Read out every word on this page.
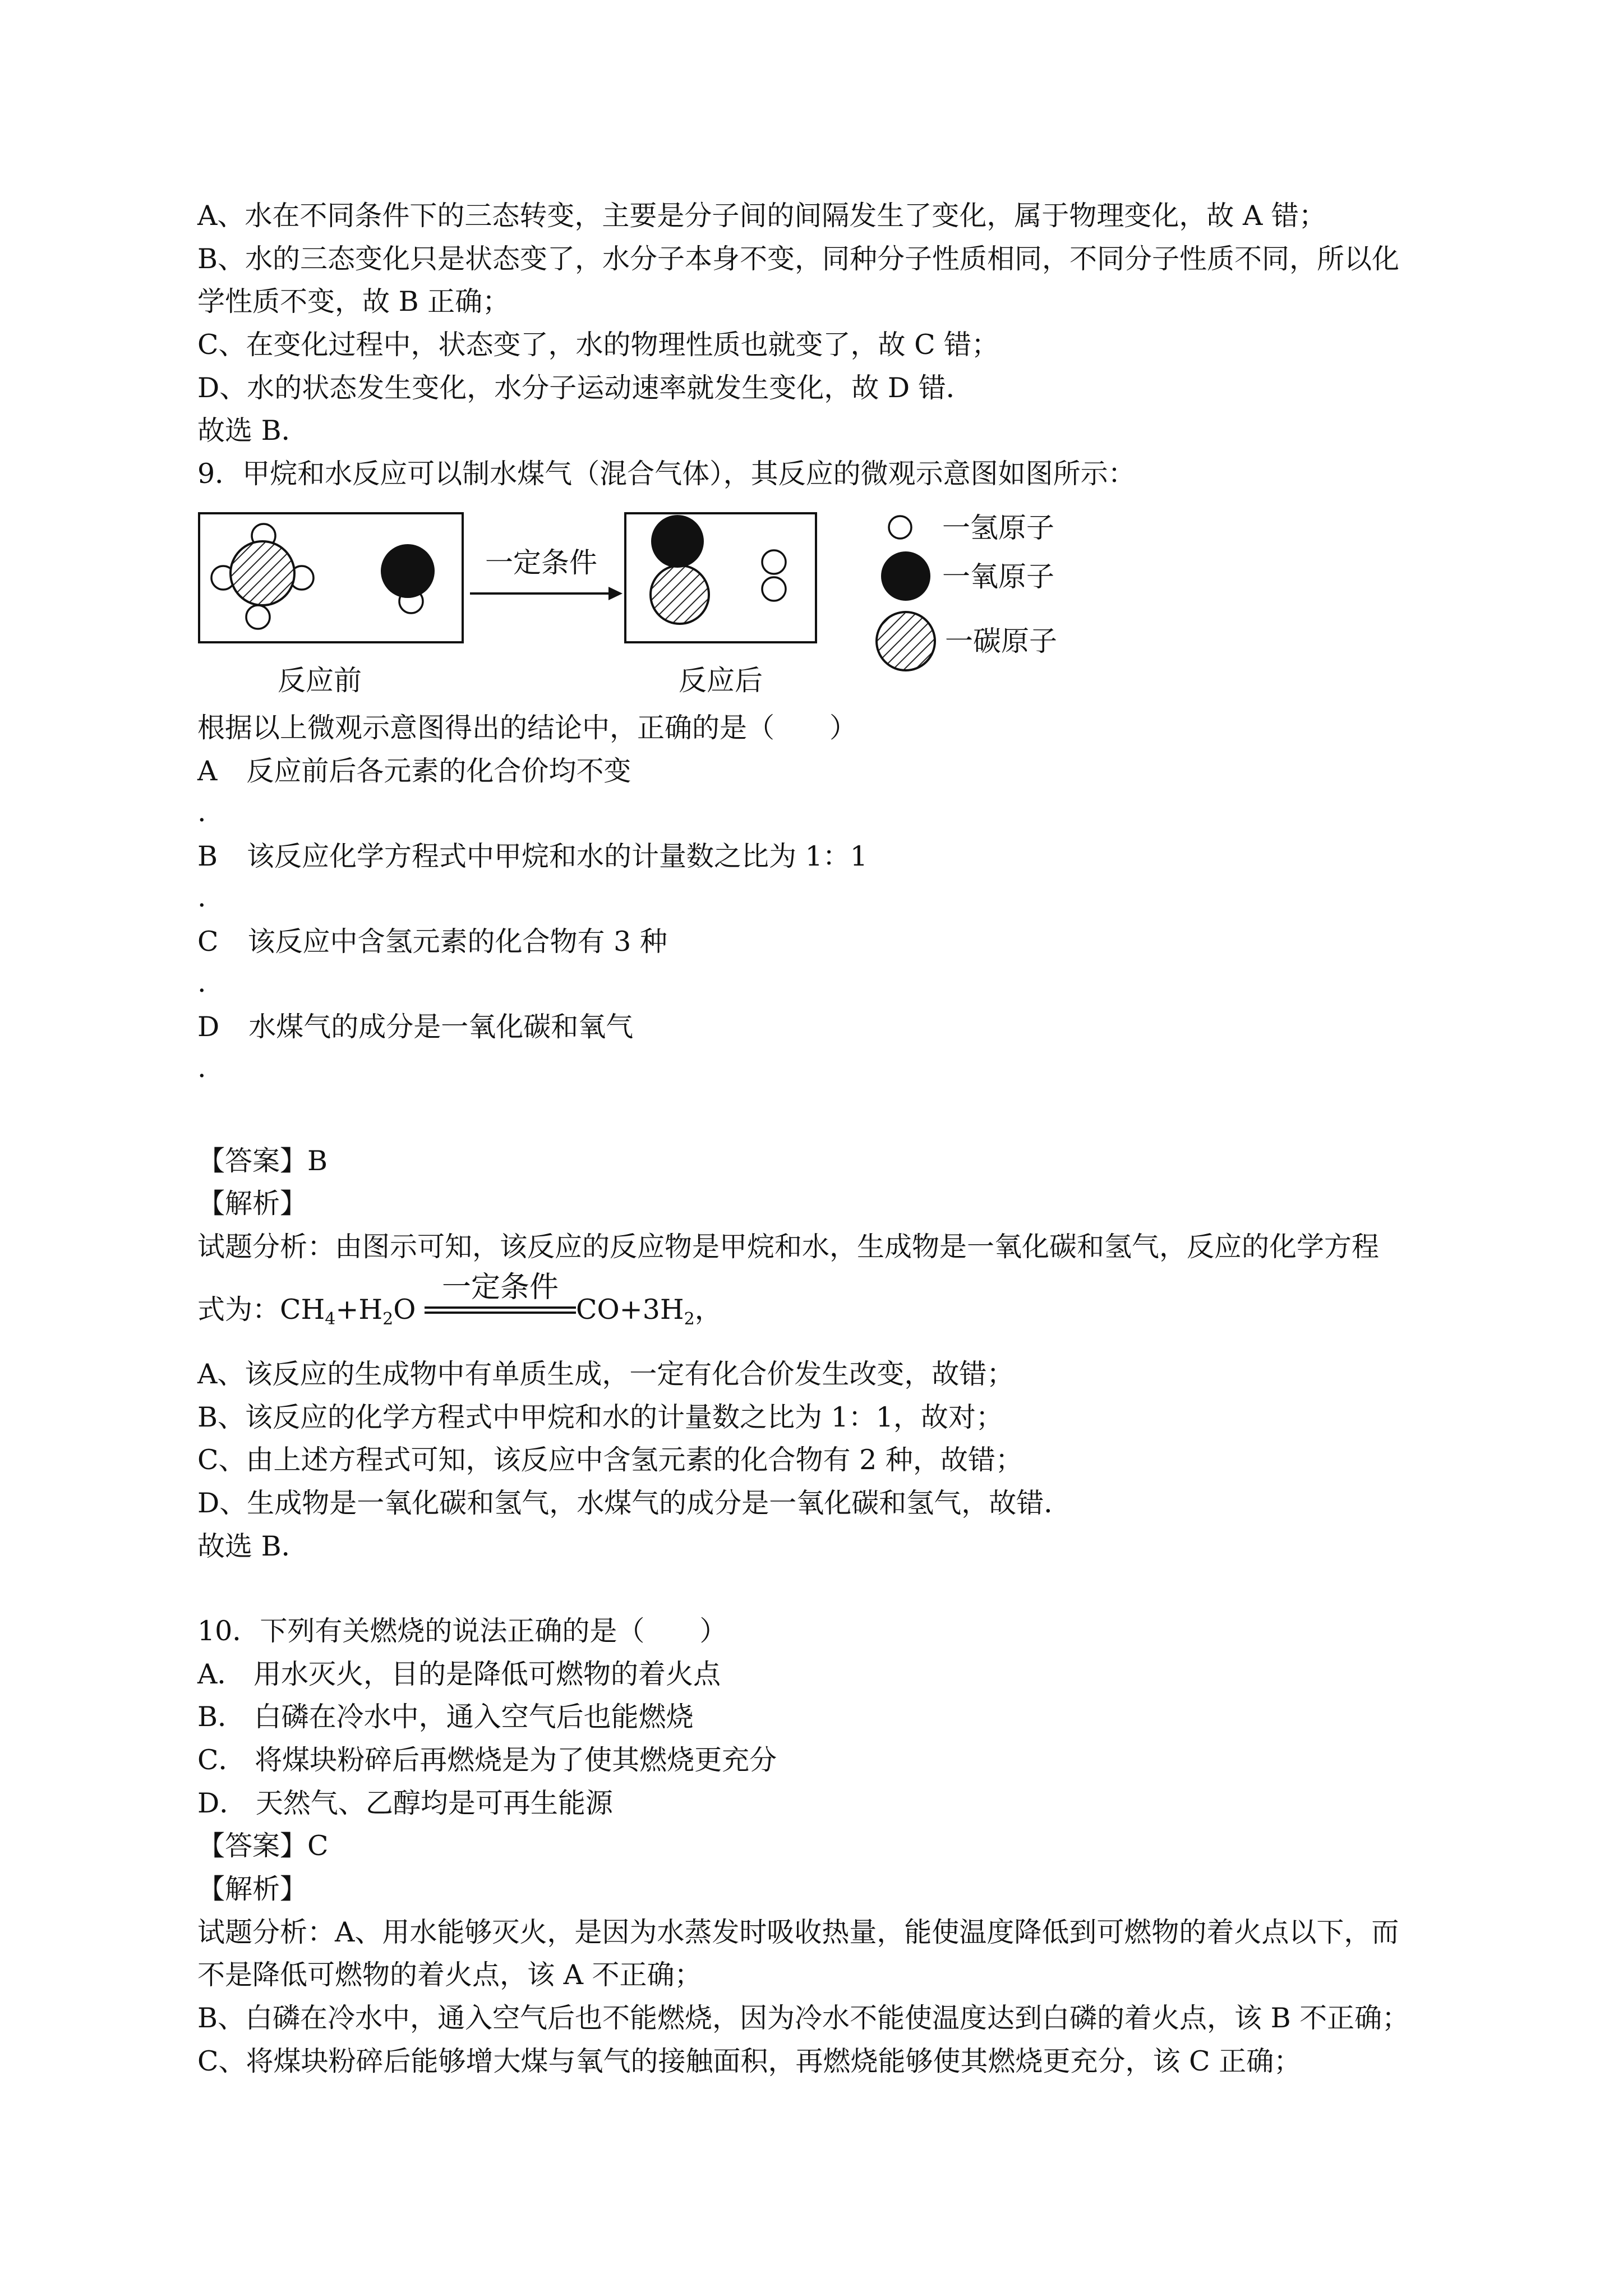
A、水在不同条件下的三态转变，主要是分子间的间隔发生了变化，属于物理变化，故 A 错；
B、水的三态变化只是状态变了，水分子本身不变，同种分子性质相同，不同分子性质不同，所以化
学性质不变，故 B 正确；
C、在变化过程中，状态变了，水的物理性质也就变了，故 C 错；
D、水的状态发生变化，水分子运动速率就发生变化，故 D 错．
故选 B．
9．甲烷和水反应可以制水煤气（混合气体），其反应的微观示意图如图所示：
一定条件
反应前	反应后
一氢原子
一氧原子
一碳原子
根据以上微观示意图得出的结论中，正确的是（　　）
A 反应前后各元素的化合价均不变
.
B 该反应化学方程式中甲烷和水的计量数之比为 1：1
.
C 该反应中含氢元素的化合物有 3 种
.
D 水煤气的成分是一氧化碳和氧气
.
【答案】B
【解析】
试题分析：由图示可知，该反应的反应物是甲烷和水，生成物是一氧化碳和氢气，反应的化学方程
式为：$CH_4+H_2O$
一定条件
$CO+3H_2$，
A、该反应的生成物中有单质生成，一定有化合价发生改变，故错；
B、该反应的化学方程式中甲烷和水的计量数之比为 1：1，故对；
C、由上述方程式可知，该反应中含氢元素的化合物有 2 种，故错；
D、生成物是一氧化碳和氢气，水煤气的成分是一氧化碳和氢气，故错．
故选 B．
10．下列有关燃烧的说法正确的是（　　）
A． 用水灭火，目的是降低可燃物的着火点
B． 白磷在冷水中，通入空气后也能燃烧
C． 将煤块粉碎后再燃烧是为了使其燃烧更充分
D． 天然气、乙醇均是可再生能源
【答案】C
【解析】
试题分析：A、用水能够灭火，是因为水蒸发时吸收热量，能使温度降低到可燃物的着火点以下，而
不是降低可燃物的着火点，该 A 不正确；
B、白磷在冷水中，通入空气后也不能燃烧，因为冷水不能使温度达到白磷的着火点，该 B 不正确；
C、将煤块粉碎后能够增大煤与氧气的接触面积，再燃烧能够使其燃烧更充分，该 C 正确；
